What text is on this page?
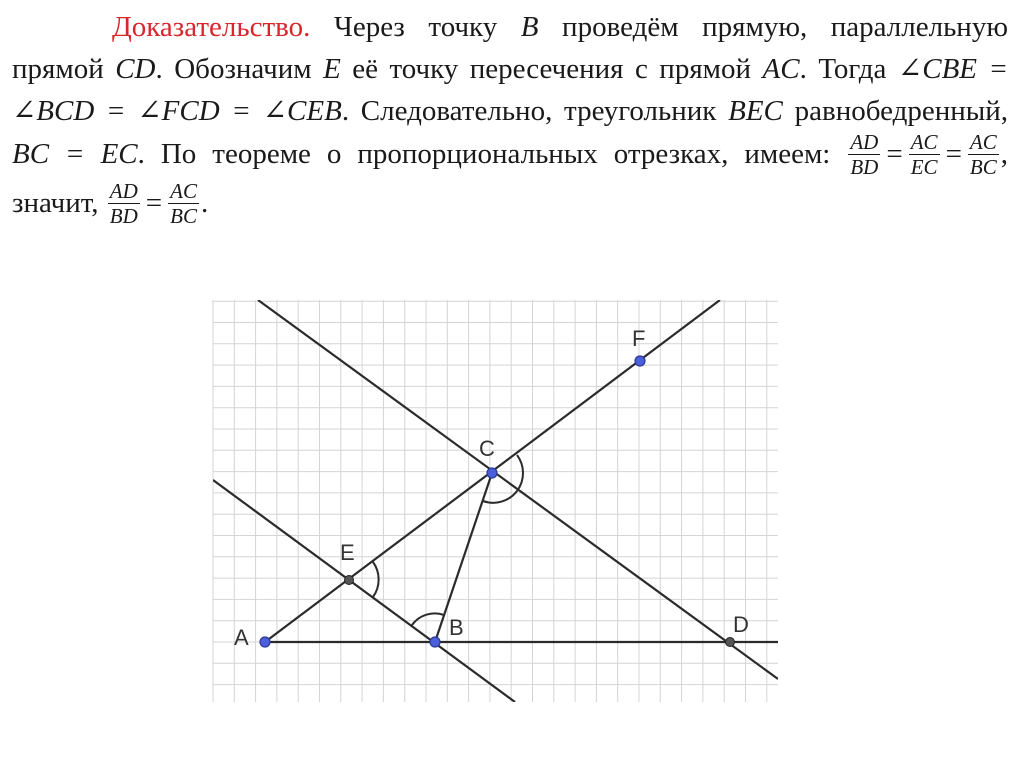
Доказательство. Через точку B проведём прямую, параллельную прямой CD. Обозначим E её точку пересечения с прямой AC. Тогда ∠CBE = ∠BCD = ∠FCD = ∠CEB. Следовательно, треугольник BEC равнобедренный, BC = EC. По теореме о пропорциональных отрезках, имеем: $\frac{AD}{BD} = \frac{AC}{EC} = \frac{AC}{BC}$ , значит, $\frac{AD}{BD} = \frac{AC}{BC}$ .
F
C
E
A	B	D
